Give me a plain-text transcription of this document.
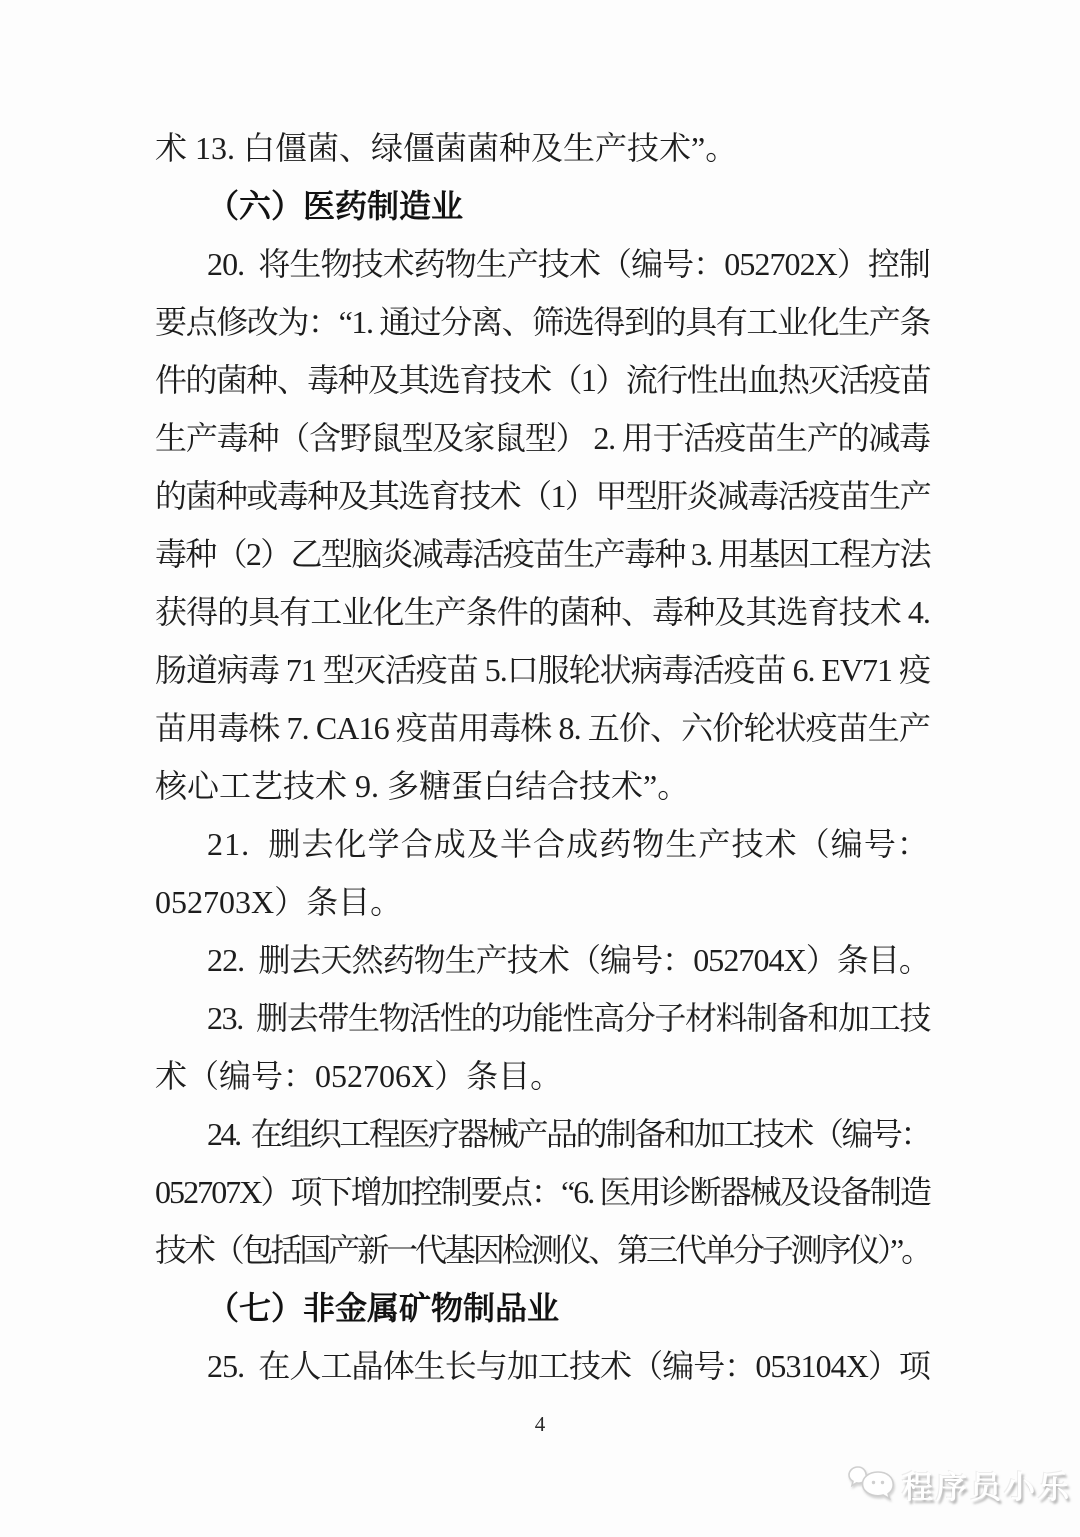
术 13. 白僵菌、绿僵菌菌种及生产技术”。
（六）医药制造业
20.  将生物技术药物生产技术（编号：052702X）控制
要点修改为：“1. 通过分离、筛选得到的具有工业化生产条
件的菌种、毒种及其选育技术（1）流行性出血热灭活疫苗
生产毒种（含野鼠型及家鼠型） 2. 用于活疫苗生产的减毒
的菌种或毒种及其选育技术（1）甲型肝炎减毒活疫苗生产
毒种（2）乙型脑炎减毒活疫苗生产毒种 3. 用基因工程方法
获得的具有工业化生产条件的菌种、毒种及其选育技术 4.
肠道病毒 71 型灭活疫苗 5.口服轮状病毒活疫苗 6. EV71 疫
苗用毒株 7. CA16 疫苗用毒株 8. 五价、六价轮状疫苗生产
核心工艺技术 9. 多糖蛋白结合技术”。
21.  删去化学合成及半合成药物生产技术（编号：
052703X）条目。
22.  删去天然药物生产技术（编号：052704X）条目。
23.  删去带生物活性的功能性高分子材料制备和加工技
术（编号：052706X）条目。
24.  在组织工程医疗器械产品的制备和加工技术（编号：
052707X）项下增加控制要点：“6. 医用诊断器械及设备制造
技术（包括国产新一代基因检测仪、第三代单分子测序仪）”。
（七）非金属矿物制品业
25.  在人工晶体生长与加工技术（编号：053104X）项
4
程序员小乐
